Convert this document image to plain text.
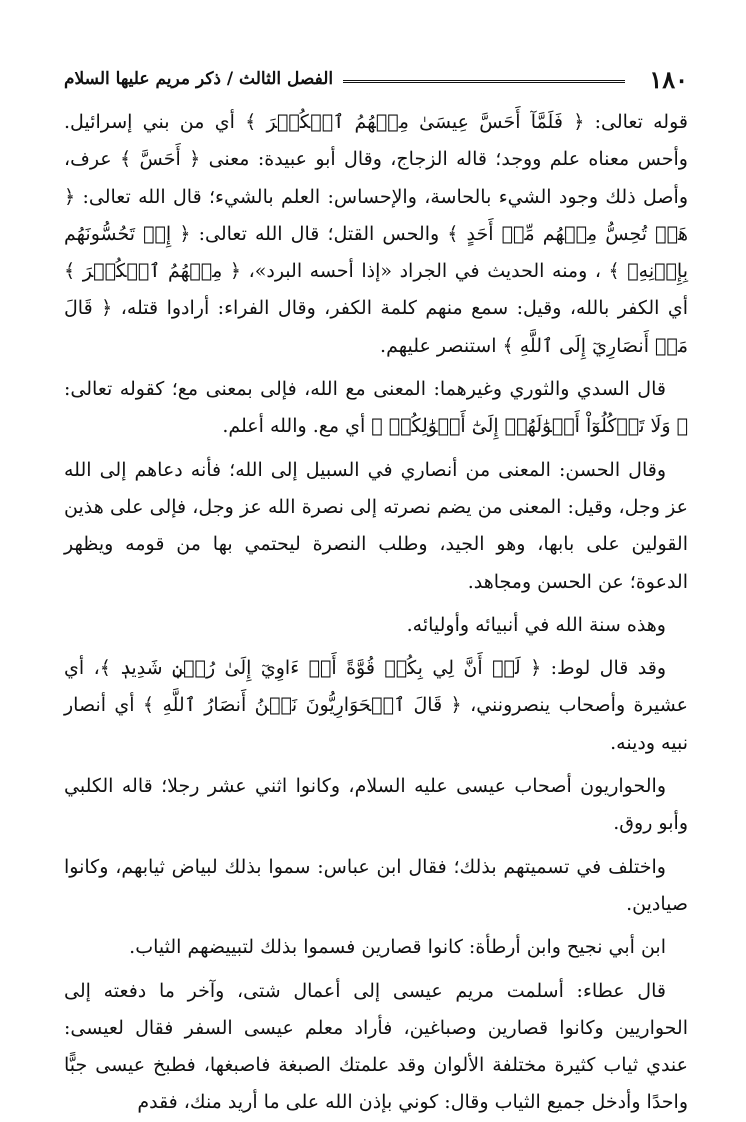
١٨٠
الفصل الثالث / ذكر مريم عليها السلام

قوله تعالى: ﴿ فَلَمَّآ أَحَسَّ عِيسَىٰ مِنۡهُمُ ٱلۡكُفۡرَ ﴾ أي من بني إسرائيل. وأحس معناه علم ووجد؛ قاله الزجاج، وقال أبو عبيدة: معنى ﴿ أَحَسَّ ﴾ عرف، وأصل ذلك وجود الشيء بالحاسة، والإحساس: العلم بالشيء؛ قال الله تعالى: ﴿ هَلۡ تُحِسُّ مِنۡهُم مِّنۡ أَحَدٍ ﴾ والحس القتل؛ قال الله تعالى: ﴿ إِذۡ تَحُسُّونَهُم بِإِذۡنِهِۦ ﴾ ، ومنه الحديث في الجراد «إذا أحسه البرد»، ﴿ مِنۡهُمُ ٱلۡكُفۡرَ ﴾ أي الكفر بالله، وقيل: سمع منهم كلمة الكفر، وقال الفراء: أرادوا قتله، ﴿ قَالَ مَنۡ أَنصَارِيٓ إِلَى ٱللَّهِ ﴾ استنصر عليهم.

قال السدي والثوري وغيرهما: المعنى مع الله، فإلى بمعنى مع؛ كقوله تعالى: ﴿ وَلَا تَأۡكُلُوٓاْ أَمۡوَٰلَهُمۡ إِلَىٰٓ أَمۡوَٰلِكُمۡ ﴾ أي مع. والله أعلم.

وقال الحسن: المعنى من أنصاري في السبيل إلى الله؛ فأنه دعاهم إلى الله عز وجل، وقيل: المعنى من يضم نصرته إلى نصرة الله عز وجل، فإلى على هذين القولين على بابها، وهو الجيد، وطلب النصرة ليحتمي بها من قومه ويظهر الدعوة؛ عن الحسن ومجاهد.

وهذه سنة الله في أنبيائه وأوليائه.

وقد قال لوط: ﴿ لَوۡ أَنَّ لِي بِكُمۡ قُوَّةً أَوۡ ءَاوِيٓ إِلَىٰ رُكۡنٖ شَدِيدٖ ﴾، أي عشيرة وأصحاب ينصرونني، ﴿ قَالَ ٱلۡحَوَارِيُّونَ نَحۡنُ أَنصَارُ ٱللَّهِ ﴾ أي أنصار نبيه ودينه.

والحواريون أصحاب عيسى عليه السلام، وكانوا اثني عشر رجلا؛ قاله الكلبي وأبو روق.

واختلف في تسميتهم بذلك؛ فقال ابن عباس: سموا بذلك لبياض ثيابهم، وكانوا صيادين.

ابن أبي نجيح وابن أرطأة: كانوا قصارين فسموا بذلك لتبييضهم الثياب.

قال عطاء: أسلمت مريم عيسى إلى أعمال شتى، وآخر ما دفعته إلى الحواريين وكانوا قصارين وصباغين، فأراد معلم عيسى السفر فقال لعيسى: عندي ثياب كثيرة مختلفة الألوان وقد علمتك الصبغة فاصبغها، فطبخ عيسى جبًّا واحدًا وأدخل جميع الثياب وقال: كوني بإذن الله على ما أريد منك، فقدم
